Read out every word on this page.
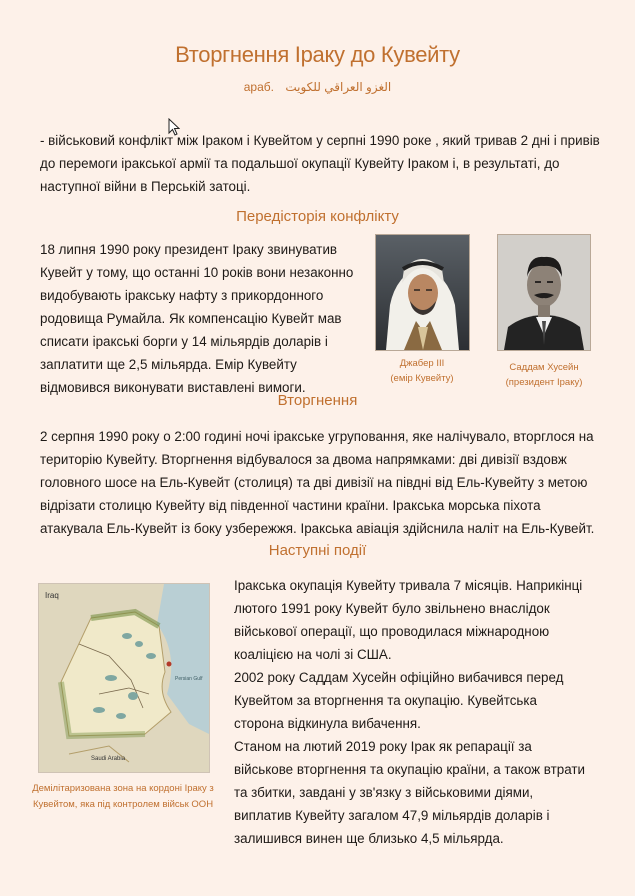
Вторгнення Іраку до Кувейту
араб. الغزو العراقي للكويت

- військовий конфлікт між Іраком і Кувейтом у серпні 1990 роке , який тривав 2 дні і привів до перемоги іракської армії та подальшої окупації Кувейту Іраком і, в результаті, до наступної війни в Перській затоці.

Передісторія конфлікту

18 липня 1990 року президент Іраку звинуватив Кувейт у тому, що останні 10 років вони незаконно видобувають іракську нафту з прикордонного родовища Румайла. Як компенсацію Кувейт мав списати іракські борги у 14 мільярдів доларів і заплатити ще 2,5 мільярда. Емір Кувейту відмовився виконувати виставлені вимоги.

Джабер III
(емір Кувейту)
Саддам Хусейн
(президент Іраку)
Вторгнення

2 серпня 1990 року о 2:00 годині ночі іракське угруповання, яке налічувало, вторглося на територію Кувейту. Вторгнення відбувалося за двома напрямками: дві дивізії вздовж головного шосе на Ель-Кувейт (столиця) та дві дивізії на півдні від Ель-Кувейту з метою відрізати столицю Кувейту від південної частини країни. Іракська морська піхота атакувала Ель-Кувейт із боку узбережжя. Іракська авіація здійснила наліт на Ель-Кувейт.

Наступні події
Iraq
Persian Gulf
Saudi Arabia
Демілітаризована зона на кордоні Іраку з Кувейтом, яка під контролем військ ООН
Іракська окупація Кувейту тривала 7 місяців. Наприкінці лютого 1991 року Кувейт було звільнено внаслідок військової операції, що проводилася міжнародною коаліцією на чолі зі США.
2002 року Саддам Хусейн офіційно вибачився перед Кувейтом за вторгнення та окупацію. Кувейтська сторона відкинула вибачення.
Станом на лютий 2019 року Ірак як репарації за військове вторгнення та окупацію країни, а також втрати та збитки, завдані у зв'язку з військовими діями, виплатив Кувейту загалом 47,9 мільярдів доларів і залишився винен ще близько 4,5 мільярда.
